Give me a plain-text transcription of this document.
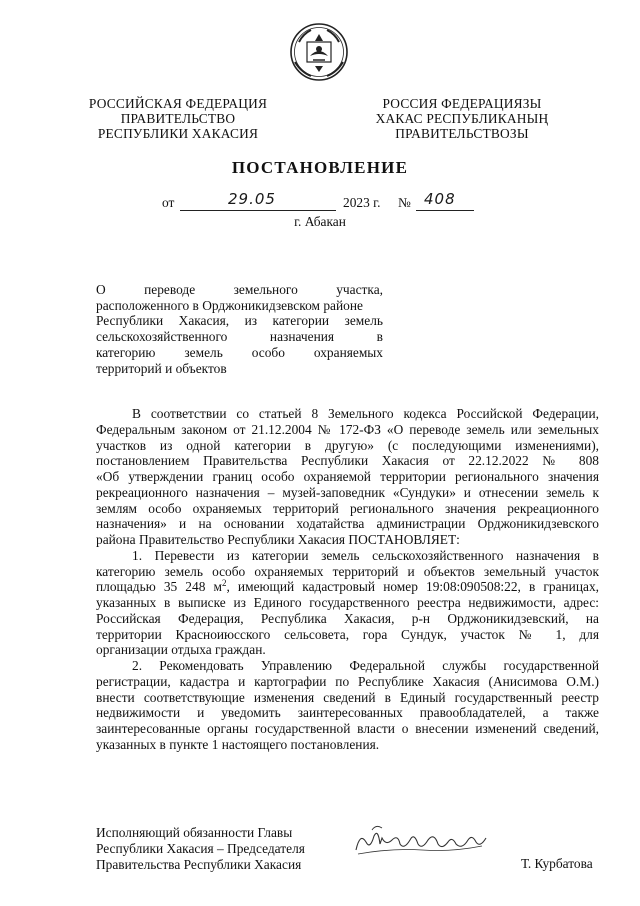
РОССИЙСКАЯ ФЕДЕРАЦИЯ
ПРАВИТЕЛЬСТВО
РЕСПУБЛИКИ ХАКАСИЯ
РОССИЯ ФЕДЕРАЦИЯЗЫ
ХАКАС РЕСПУБЛИКАНЫҢ
ПРАВИТЕЛЬСТВОЗЫ
ПОСТАНОВЛЕНИЕ
от	29.05	2023 г. № 408
г. Абакан
О переводе земельного участка,
расположенного в Орджоникидзевском районе
Республики Хакасия, из категории земель
сельскохозяйственного назначения в
категорию земель особо охраняемых
территорий и объектов
В соответствии со статьей 8 Земельного кодекса Российской Федерации,
Федеральным законом от 21.12.2004 № 172-ФЗ «О переводе земель или земельных
участков из одной категории в другую» (с последующими изменениями),
постановлением Правительства Республики Хакасия от 22.12.2022 № 808
«Об утверждении границ особо охраняемой территории регионального значения
рекреационного назначения – музей-заповедник «Сундуки» и отнесении земель к
землям особо охраняемых территорий регионального значения рекреационного
назначения» и на основании ходатайства администрации Орджоникидзевского
района Правительство Республики Хакасия ПОСТАНОВЛЯЕТ:
1. Перевести из категории земель сельскохозяйственного назначения в
категорию земель особо охраняемых территорий и объектов земельный участок
площадью 35 248 $м^2$, имеющий кадастровый номер 19:08:090508:22, в границах,
указанных в выписке из Единого государственного реестра недвижимости, адрес:
Российская Федерация, Республика Хакасия, р-н Орджоникидзевский, на
территории Красноиюсского сельсовета, гора Сундук, участок № 1, для
организации отдыха граждан.
2. Рекомендовать Управлению Федеральной службы государственной
регистрации, кадастра и картографии по Республике Хакасия (Анисимова О.М.)
внести соответствующие изменения сведений в Единый государственный реестр
недвижимости и уведомить заинтересованных правообладателей, а также
заинтересованные органы государственной власти о внесении изменений сведений,
указанных в пункте 1 настоящего постановления.
Исполняющий обязанности Главы
Республики Хакасия – Председателя
Правительства Республики Хакасия	Т. Курбатова
